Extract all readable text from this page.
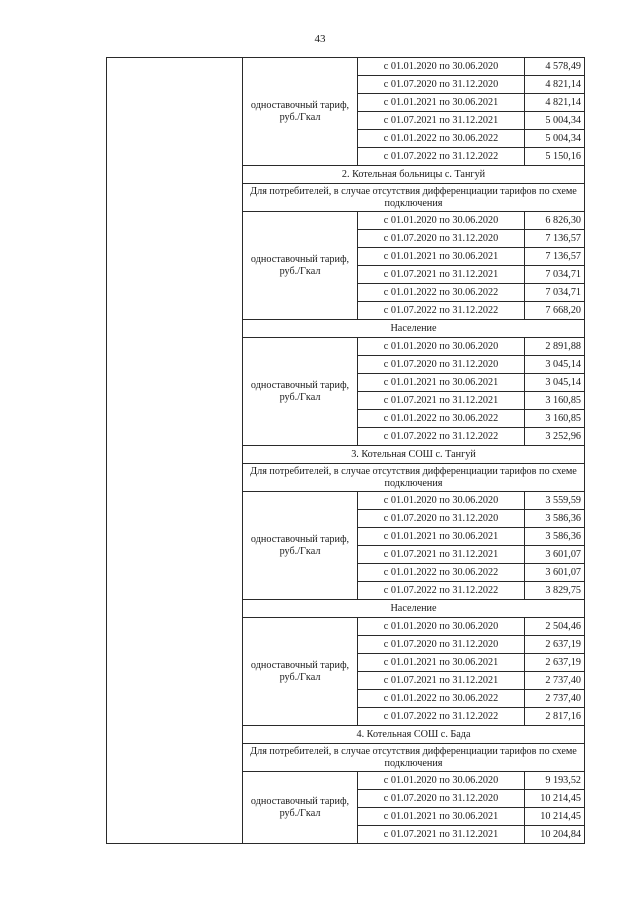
43
	одноставочный тариф, руб./Гкал	с 01.01.2020 по 30.06.2020	4 578,49
		с 01.07.2020 по 31.12.2020	4 821,14
		с 01.01.2021 по 30.06.2021	4 821,14
		с 01.07.2021 по 31.12.2021	5 004,34
		с 01.01.2022 по 30.06.2022	5 004,34
		с 01.07.2022 по 31.12.2022	5 150,16
	2. Котельная больницы с. Тангуй		
	Для потребителей, в случае отсутствия дифференциации тарифов по схеме подключения		
	одноставочный тариф, руб./Гкал	с 01.01.2020 по 30.06.2020	6 826,30
		с 01.07.2020 по 31.12.2020	7 136,57
		с 01.01.2021 по 30.06.2021	7 136,57
		с 01.07.2021 по 31.12.2021	7 034,71
		с 01.01.2022 по 30.06.2022	7 034,71
		с 01.07.2022 по 31.12.2022	7 668,20
	Население		
	одноставочный тариф, руб./Гкал	с 01.01.2020 по 30.06.2020	2 891,88
		с 01.07.2020 по 31.12.2020	3 045,14
		с 01.01.2021 по 30.06.2021	3 045,14
		с 01.07.2021 по 31.12.2021	3 160,85
		с 01.01.2022 по 30.06.2022	3 160,85
		с 01.07.2022 по 31.12.2022	3 252,96
	3. Котельная СОШ с. Тангуй		
	Для потребителей, в случае отсутствия дифференциации тарифов по схеме подключения		
	одноставочный тариф, руб./Гкал	с 01.01.2020 по 30.06.2020	3 559,59
		с 01.07.2020 по 31.12.2020	3 586,36
		с 01.01.2021 по 30.06.2021	3 586,36
		с 01.07.2021 по 31.12.2021	3 601,07
		с 01.01.2022 по 30.06.2022	3 601,07
		с 01.07.2022 по 31.12.2022	3 829,75
	Население		
	одноставочный тариф, руб./Гкал	с 01.01.2020 по 30.06.2020	2 504,46
		с 01.07.2020 по 31.12.2020	2 637,19
		с 01.01.2021 по 30.06.2021	2 637,19
		с 01.07.2021 по 31.12.2021	2 737,40
		с 01.01.2022 по 30.06.2022	2 737,40
		с 01.07.2022 по 31.12.2022	2 817,16
	4. Котельная СОШ с. Бада		
	Для потребителей, в случае отсутствия дифференциации тарифов по схеме подключения		
	одноставочный тариф, руб./Гкал	с 01.01.2020 по 30.06.2020	9 193,52
		с 01.07.2020 по 31.12.2020	10 214,45
		с 01.01.2021 по 30.06.2021	10 214,45
		с 01.07.2021 по 31.12.2021	10 204,84
